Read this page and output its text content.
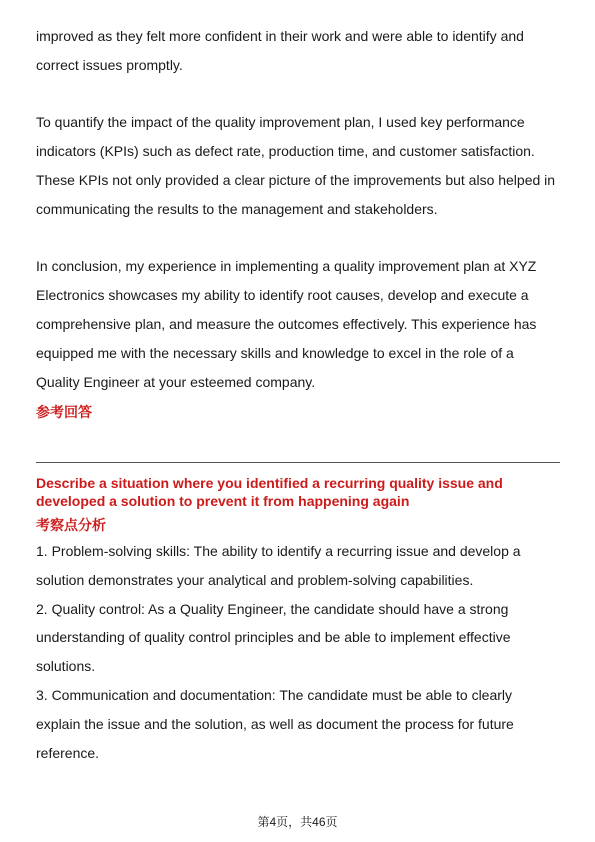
improved as they felt more confident in their work and were able to identify and correct issues promptly.

To quantify the impact of the quality improvement plan, I used key performance indicators (KPIs) such as defect rate, production time, and customer satisfaction. These KPIs not only provided a clear picture of the improvements but also helped in communicating the results to the management and stakeholders.

In conclusion, my experience in implementing a quality improvement plan at XYZ Electronics showcases my ability to identify root causes, develop and execute a comprehensive plan, and measure the outcomes effectively. This experience has equipped me with the necessary skills and knowledge to excel in the role of a Quality Engineer at your esteemed company.

参考回答

Describe a situation where you identified a recurring quality issue and developed a solution to prevent it from happening again

考察点分析

1. Problem-solving skills: The ability to identify a recurring issue and develop a solution demonstrates your analytical and problem-solving capabilities.
2. Quality control: As a Quality Engineer, the candidate should have a strong understanding of quality control principles and be able to implement effective solutions.
3. Communication and documentation: The candidate must be able to clearly explain the issue and the solution, as well as document the process for future reference.
第4页，共46页
